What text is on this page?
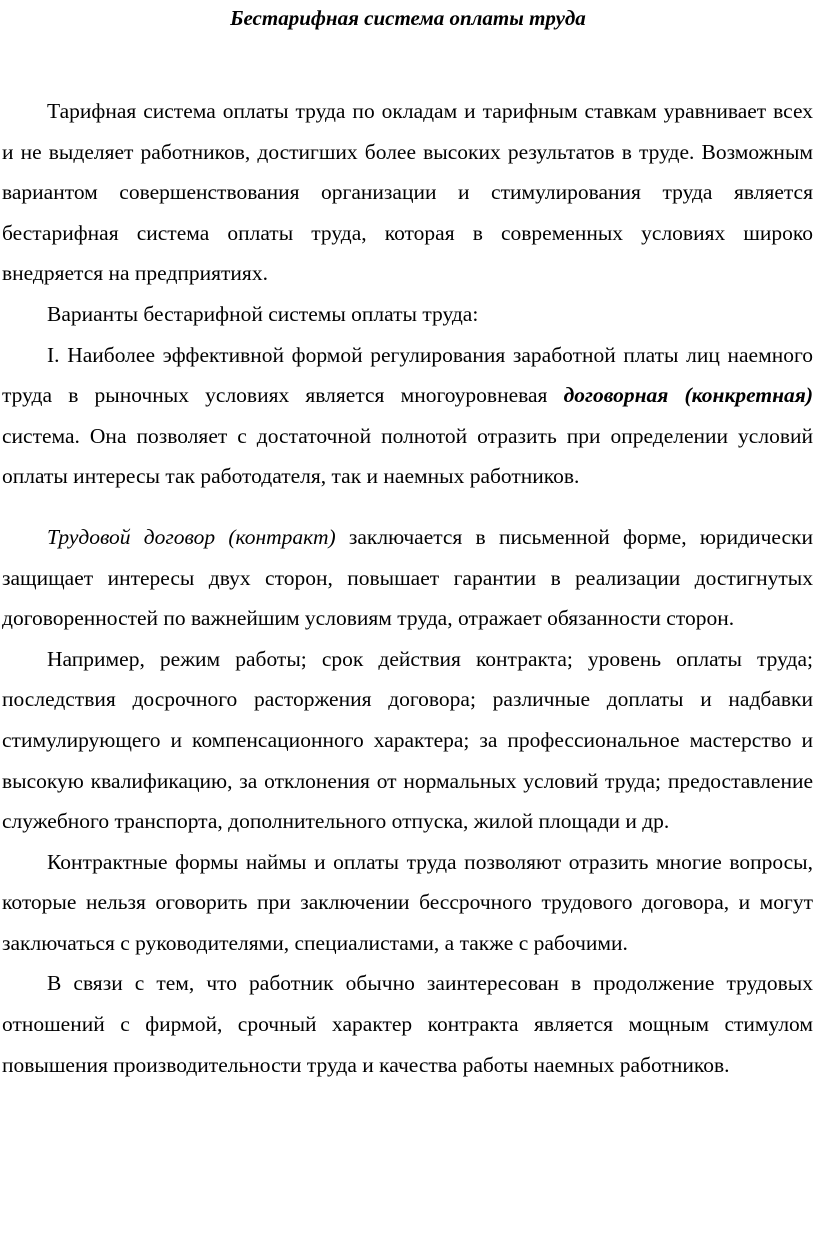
Бестарифная система оплаты труда

Тарифная система оплаты труда по окладам и тарифным ставкам уравнивает всех и не выделяет работников, достигших более высоких результатов в труде. Возможным вариантом совершенствования организации и стимулирования труда является бестарифная система оплаты труда, которая в современных условиях широко внедряется на предприятиях.

Варианты бестарифной системы оплаты труда:

I. Наиболее эффективной формой регулирования заработной платы лиц наемного труда в рыночных условиях является многоуровневая договорная (конкретная) система. Она позволяет с достаточной полнотой отразить при определении условий оплаты интересы так работодателя, так и наемных работников.

Трудовой договор (контракт) заключается в письменной форме, юридически защищает интересы двух сторон, повышает гарантии в реализации достигнутых договоренностей по важнейшим условиям труда, отражает обязанности сторон.

Например, режим работы; срок действия контракта; уровень оплаты труда; последствия досрочного расторжения договора; различные доплаты и надбавки стимулирующего и компенсационного характера; за профессиональное мастерство и высокую квалификацию, за отклонения от нормальных условий труда; предоставление служебного транспорта, дополнительного отпуска, жилой площади и др.

Контрактные формы наймы и оплаты труда позволяют отразить многие вопросы, которые нельзя оговорить при заключении бессрочного трудового договора, и могут заключаться с руководителями, специалистами, а также с рабочими.

В связи с тем, что работник обычно заинтересован в продолжение трудовых отношений с фирмой, срочный характер контракта является мощным стимулом повышения производительности труда и качества работы наемных работников.
